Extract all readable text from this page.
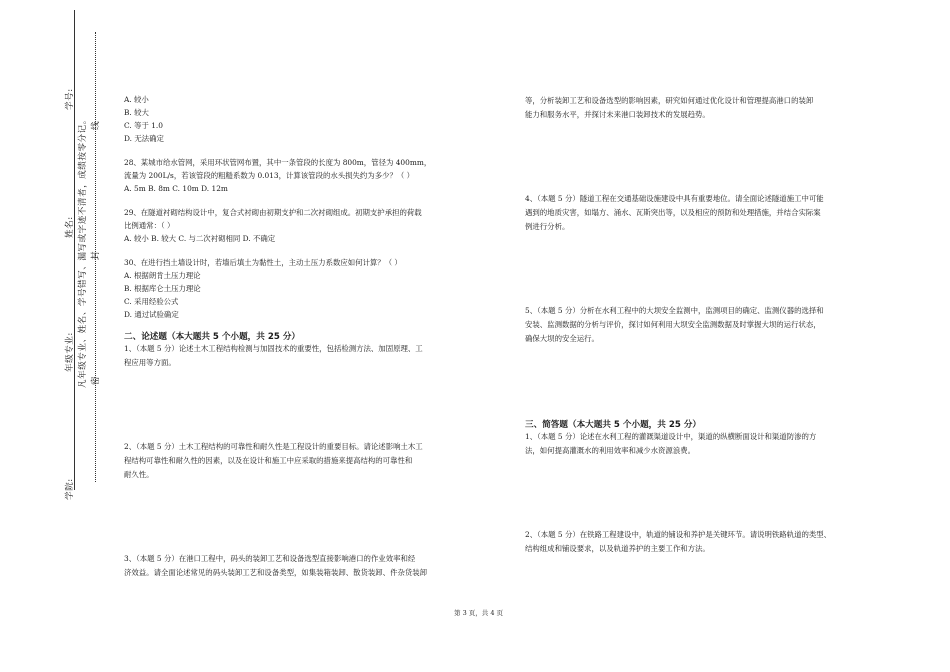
学号:
姓名:
年级专业:
学院:
凡年级专业、姓名、学号错写、漏写或字迹不清者，成绩按零分记。 线
封
密
A. 较小
B. 较大
C. 等于 1.0
D. 无法确定
28、某城市给水管网，采用环状管网布置，其中一条管段的长度为 800m，管径为 400mm，
流量为 200L/s，若该管段的粗糙系数为 0.013，计算该管段的水头损失约为多少？（ ）
A. 5m B. 8m C. 10m D. 12m
29、在隧道衬砌结构设计中，复合式衬砌由初期支护和二次衬砌组成。初期支护承担的荷载
比例通常：（ ）
A. 较小 B. 较大 C. 与二次衬砌相同 D. 不确定
30、在进行挡土墙设计时，若墙后填土为黏性土，主动土压力系数应如何计算？（ ）
A. 根据朗肯土压力理论
B. 根据库仑土压力理论
C. 采用经验公式
D. 通过试验确定
二、论述题（本大题共 5 个小题，共 25 分）
1、（本题 5 分）论述土木工程结构检测与加固技术的重要性，包括检测方法、加固原理、工
程应用等方面。
2、（本题 5 分）土木工程结构的可靠性和耐久性是工程设计的重要目标。请论述影响土木工
程结构可靠性和耐久性的因素，以及在设计和施工中应采取的措施来提高结构的可靠性和
耐久性。
3、（本题 5 分）在港口工程中，码头的装卸工艺和设备选型直接影响港口的作业效率和经
济效益。请全面论述常见的码头装卸工艺和设备类型，如集装箱装卸、散货装卸、件杂货装卸
等，分析装卸工艺和设备选型的影响因素，研究如何通过优化设计和管理提高港口的装卸
能力和服务水平，并探讨未来港口装卸技术的发展趋势。
4、（本题 5 分）隧道工程在交通基础设施建设中具有重要地位。请全面论述隧道施工中可能
遇到的地质灾害，如塌方、涌水、瓦斯突出等，以及相应的预防和处理措施，并结合实际案
例进行分析。
5、（本题 5 分）分析在水利工程中的大坝安全监测中，监测项目的确定、监测仪器的选择和
安装、监测数据的分析与评价，探讨如何利用大坝安全监测数据及时掌握大坝的运行状态，
确保大坝的安全运行。
三、简答题（本大题共 5 个小题，共 25 分）
1、（本题 5 分）论述在水利工程的灌溉渠道设计中，渠道的纵横断面设计和渠道防渗的方
法，如何提高灌溉水的利用效率和减少水资源浪费。
2、（本题 5 分）在铁路工程建设中，轨道的铺设和养护是关键环节。请说明铁路轨道的类型、
结构组成和铺设要求，以及轨道养护的主要工作和方法。
第 3 页，共 4 页
